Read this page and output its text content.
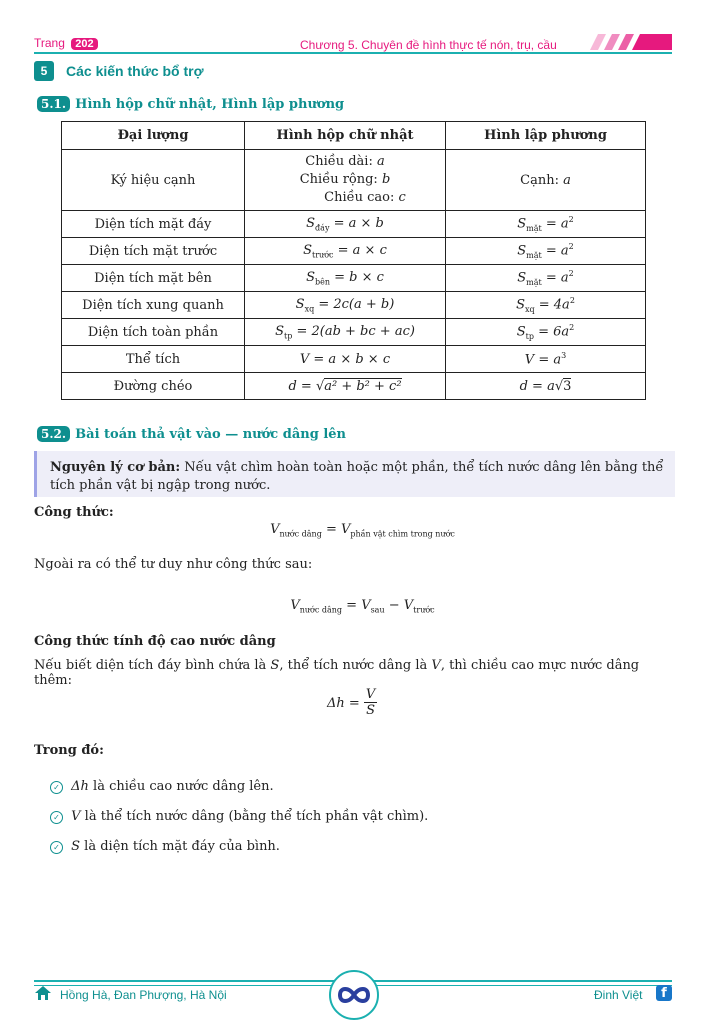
Trang 202	Chương 5. Chuyên đề hình thực tế nón, trụ, cầu
5	Các kiến thức bổ trợ
5.1. Hình hộp chữ nhật, Hình lập phương
Đại lượng	Hình hộp chữ nhật	Hình lập phương
Ký hiệu cạnh	Chiều dài: a
Chiều rộng: b
Chiều cao: c	Cạnh: a
Diện tích mặt đáy	$S_{đáy} = a \times b$	$S_{mặt} = a^2$
Diện tích mặt trước	$S_{trước} = a \times c$	$S_{mặt} = a^2$
Diện tích mặt bên	$S_{bên} = b \times c$	$S_{mặt} = a^2$
Diện tích xung quanh	$S_{xq} = 2c(a + b)$	$S_{xq} = 4a^2$
Diện tích toàn phần	$S_{tp} = 2(ab$ + bc + ac)	$S_{tp} = 6a^2$
Thể tích	V = a × b × c	$V = a^3$
Đường chéo	d = √a² + b² + c²	d = a√3
5.2. Bài toán thả vật vào — nước dâng lên
Nguyên lý cơ bản: Nếu vật chìm hoàn toàn hoặc một phần, thể tích nước dâng lên bằng thể tích phần vật bị ngập trong nước.
Công thức:
$V_{nước dâng} = V_{phần vật chìm trong nước}$
Ngoài ra có thể tư duy như công thức sau:
$V_{nước dâng} = V_{sau} - V_{trước}$
Công thức tính độ cao nước dâng
Nếu biết diện tích đáy bình chứa là S, thể tích nước dâng là V, thì chiều cao mực nước dâng thêm:
$\Delta h = \frac{V}{S}$
Trong đó:
✓ Δh là chiều cao nước dâng lên.
✓ V là thể tích nước dâng (bằng thể tích phần vật chìm).
✓ S là diện tích mặt đáy của bình.
Hồng Hà, Đan Phượng, Hà Nội	Đinh Việt	f
